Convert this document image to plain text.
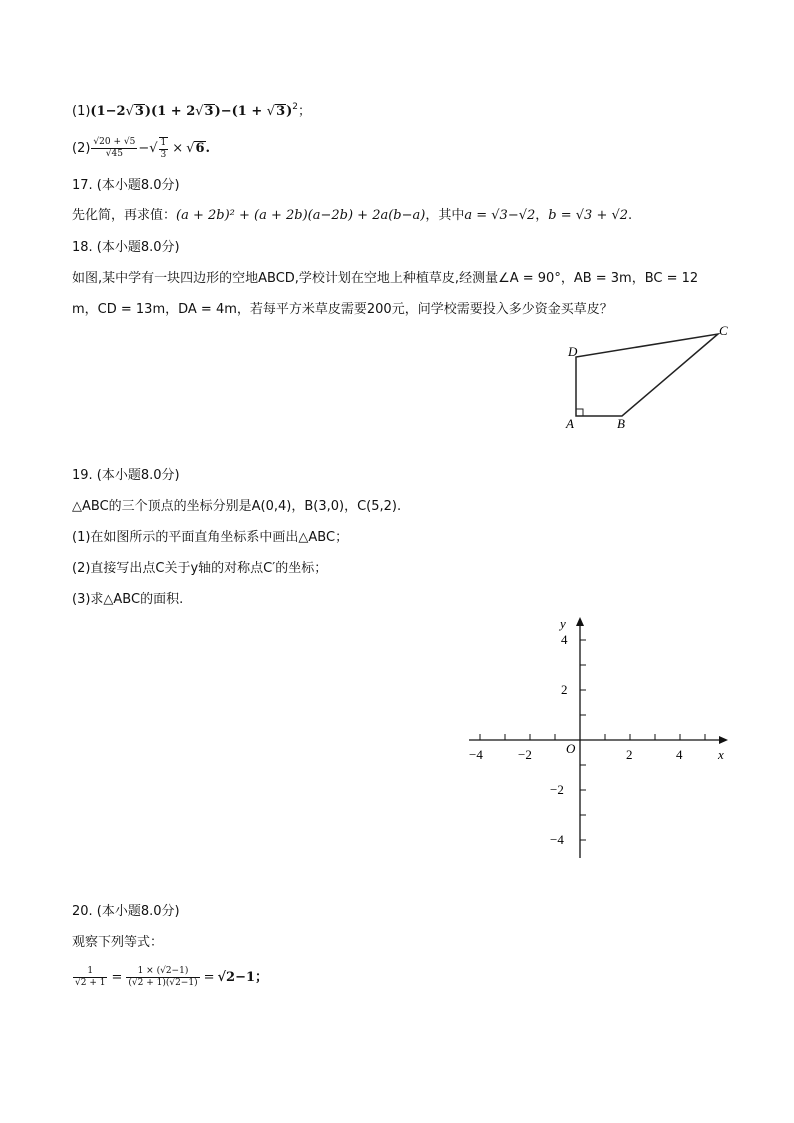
$(1)(1-2√3)(1 + 2√3)-(1 + √3)^2$；
$(2) \frac{√20 + √5}{√45}$ −√ $\frac{1}{3} \times √6$.
17. (本小题8.0分)
先化简，再求值：(a + 2b)² + (a + 2b)(a−2b) + 2a(b−a)，其中a = √3−√2，b = √3 + √2.
18. (本小题8.0分)
如图,某中学有一块四边形的空地ABCD,学校计划在空地上种植草皮,经测量∠A = 90°，AB = 3m，BC = 12
m，CD = 13m，DA = 4m，若每平方米草皮需要200元，问学校需要投入多少资金买草皮？
D
A	B
C
19. (本小题8.0分)
△ABC的三个顶点的坐标分别是A(0,4)，B(3,0)，C(5,2).
(1)在如图所示的平面直角坐标系中画出△ABC；
(2)直接写出点C关于y轴的对称点C′的坐标；
(3)求△ABC的面积.
−4	−2	2	4
4
2
−2
−4
O	x
y
20. (本小题8.0分)
观察下列等式：
$\frac{1}{√2 + 1} = \frac{1 \times (√2-1)}{(√2 + 1)(√2-1)} = √2-1$；
